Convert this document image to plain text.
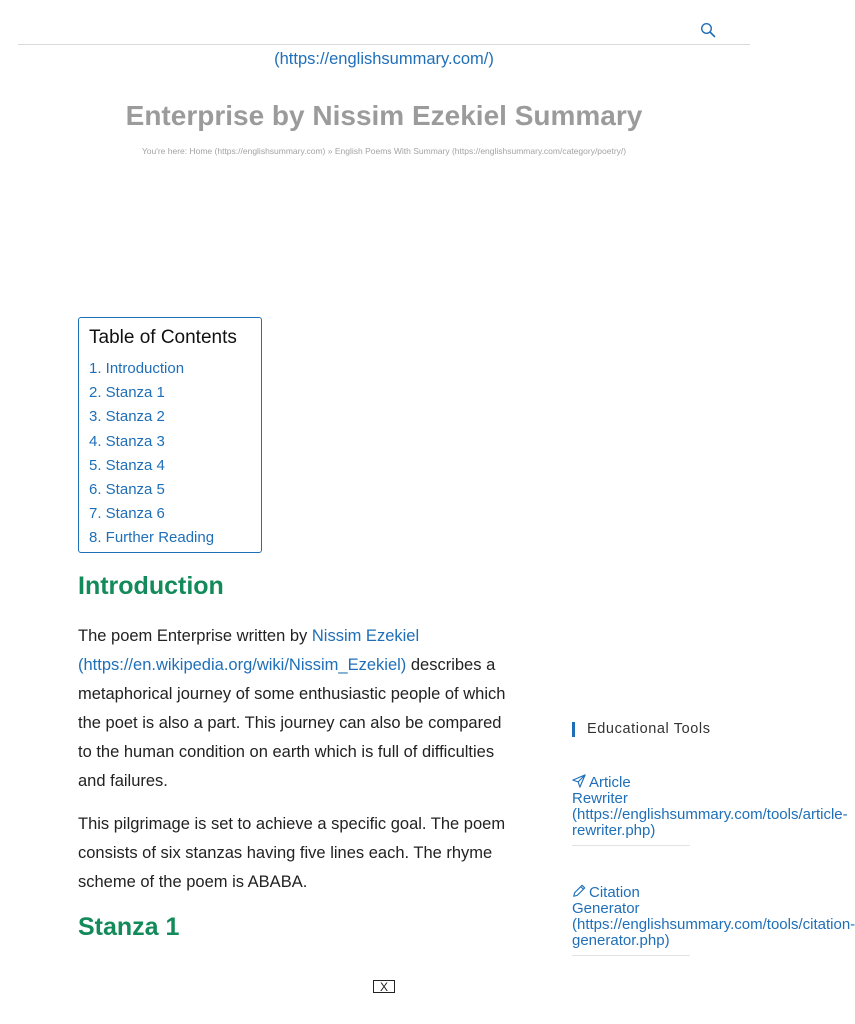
(https://englishsummary.com/)
Enterprise by Nissim Ezekiel Summary
You're here: Home (https://englishsummary.com) » English Poems With Summary (https://englishsummary.com/category/poetry/)

Table of Contents

1. Introduction
2. Stanza 1
3. Stanza 2
4. Stanza 3
5. Stanza 4
6. Stanza 5
7. Stanza 6
8. Further Reading
Introduction

The poem Enterprise written by Nissim Ezekiel (https://en.wikipedia.org/wiki/Nissim_Ezekiel) describes a metaphorical journey of some enthusiastic people of which the poet is also a part. This journey can also be compared to the human condition on earth which is full of difficulties and failures.

This pilgrimage is set to achieve a specific goal. The poem consists of six stanzas having five lines each. The rhyme scheme of the poem is ABABA.

Stanza 1
Educational Tools
Article Rewriter (https://englishsummary.com/tools/article-rewriter.php)
Citation Generator (https://englishsummary.com/tools/citation-generator.php)
X
